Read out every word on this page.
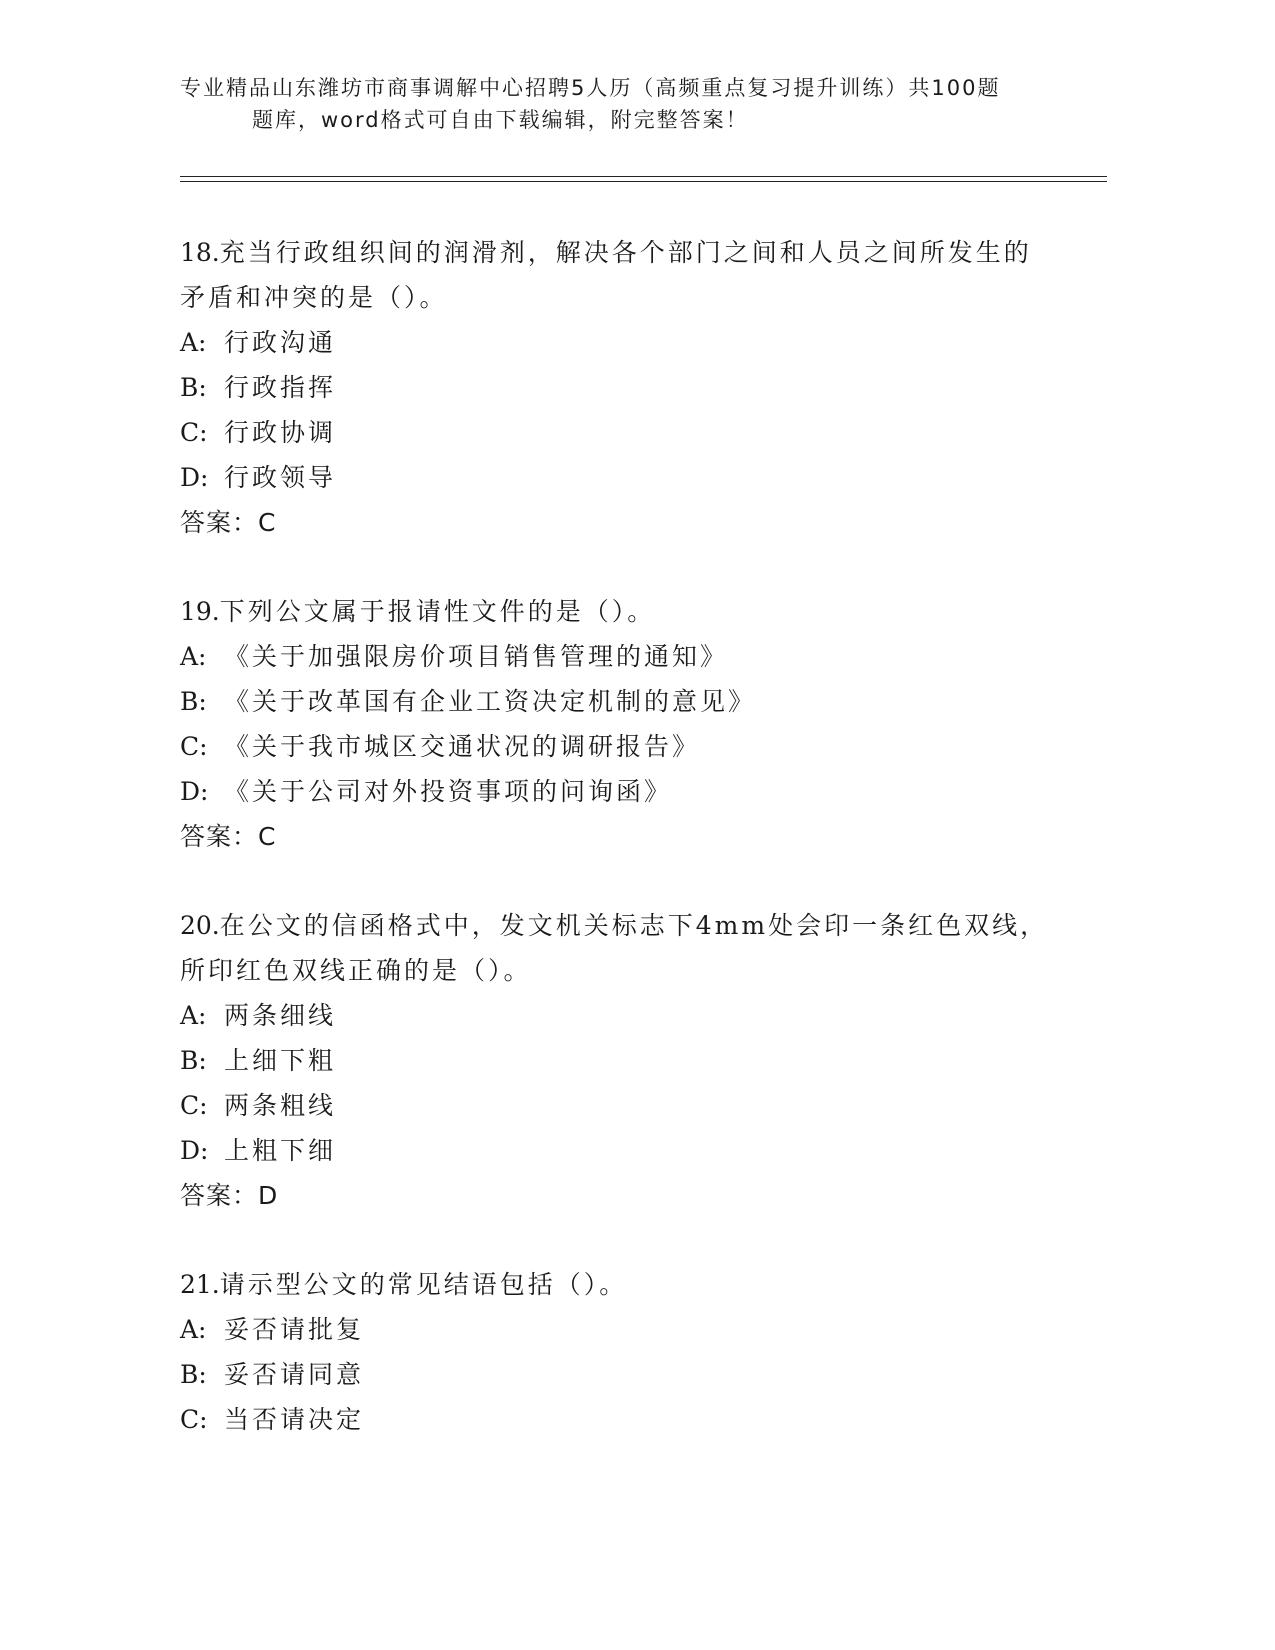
专业精品山东潍坊市商事调解中心招聘5人历（高频重点复习提升训练）共100题
题库，word格式可自由下载编辑，附完整答案！

18.充当行政组织间的润滑剂，解决各个部门之间和人员之间所发生的

矛盾和冲突的是（）。

A: 行政沟通

B: 行政指挥

C: 行政协调

D: 行政领导

答案：C

19.下列公文属于报请性文件的是（）。

A: 《关于加强限房价项目销售管理的通知》

B: 《关于改革国有企业工资决定机制的意见》

C: 《关于我市城区交通状况的调研报告》

D: 《关于公司对外投资事项的问询函》

答案：C

20.在公文的信函格式中，发文机关标志下4mm处会印一条红色双线，

所印红色双线正确的是（）。

A: 两条细线

B: 上细下粗

C: 两条粗线

D: 上粗下细

答案：D

21.请示型公文的常见结语包括（）。

A: 妥否请批复

B: 妥否请同意

C: 当否请决定
